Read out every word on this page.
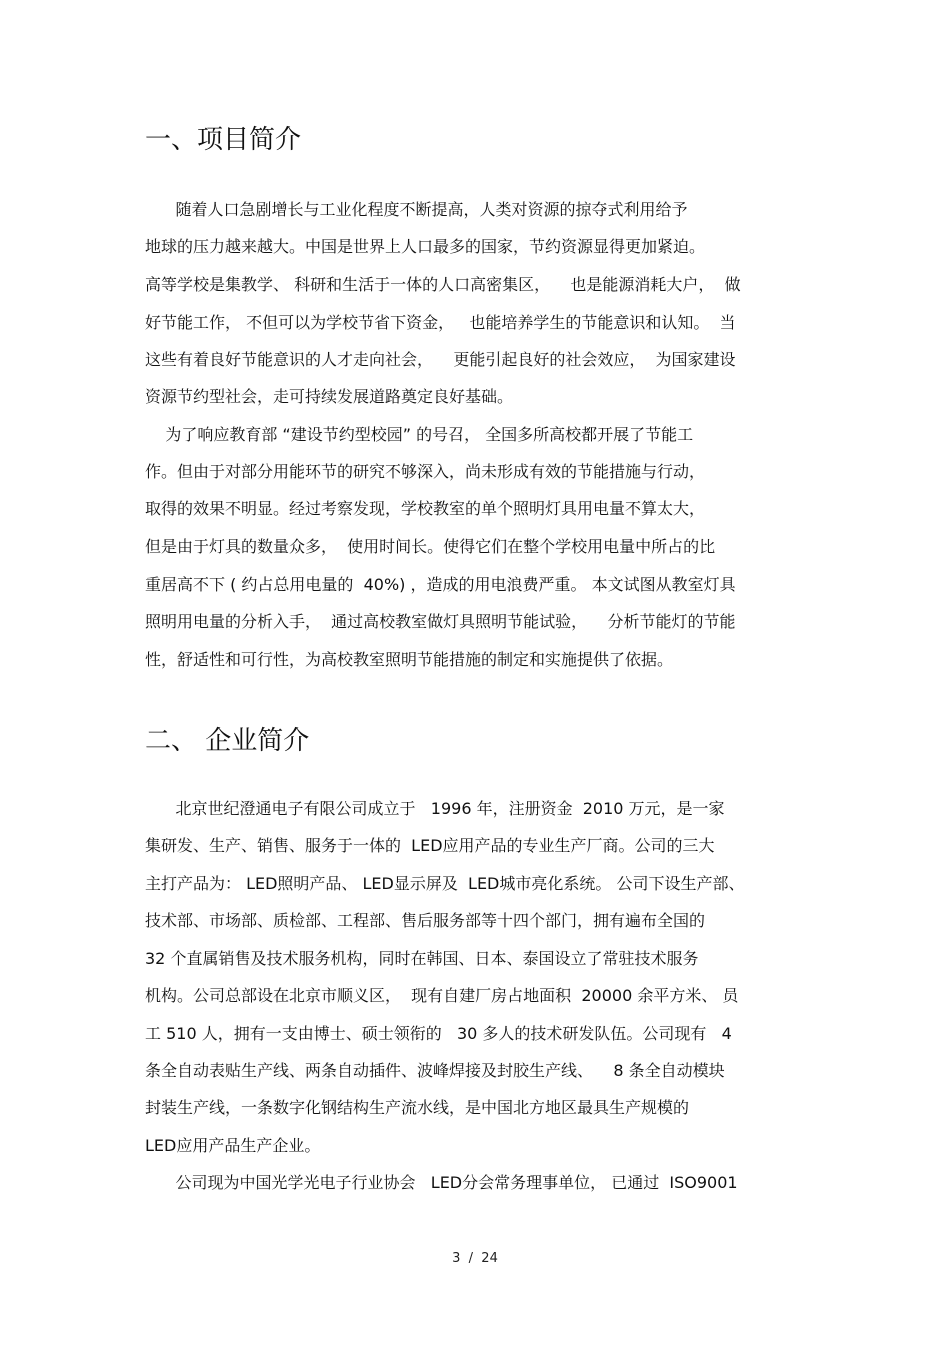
一、项目简介
随着人口急剧增长与工业化程度不断提高，人类对资源的掠夺式利用给予
地球的压力越来越大。中国是世界上人口最多的国家，节约资源显得更加紧迫。
高等学校是集教学、 科研和生活于一体的人口高密集区，    也是能源消耗大户，  做
好节能工作， 不但可以为学校节省下资金，   也能培养学生的节能意识和认知。  当
这些有着良好节能意识的人才走向社会，    更能引起良好的社会效应，  为国家建设
资源节约型社会，走可持续发展道路奠定良好基础。
为了响应教育部 “建设节约型校园” 的号召， 全国多所高校都开展了节能工
作。但由于对部分用能环节的研究不够深入，尚未形成有效的节能措施与行动，
取得的效果不明显。经过考察发现，学校教室的单个照明灯具用电量不算太大，
但是由于灯具的数量众多，  使用时间长。使得它们在整个学校用电量中所占的比
重居高不下 ( 约占总用电量的  40%) ，造成的用电浪费严重。 本文试图从教室灯具
照明用电量的分析入手，  通过高校教室做灯具照明节能试验，    分析节能灯的节能
性，舒适性和可行性，为高校教室照明节能措施的制定和实施提供了依据。
二、 企业简介
北京世纪澄通电子有限公司成立于   1996 年，注册资金  2010 万元，是一家
集研发、生产、销售、服务于一体的  LED应用产品的专业生产厂商。公司的三大
主打产品为： LED照明产品、 LED显示屏及  LED城市亮化系统。 公司下设生产部、
技术部、市场部、质检部、工程部、售后服务部等十四个部门，拥有遍布全国的
32 个直属销售及技术服务机构，同时在韩国、日本、泰国设立了常驻技术服务
机构。公司总部设在北京市顺义区，  现有自建厂房占地面积  20000 余平方米、 员
工 510 人，拥有一支由博士、硕士领衔的   30 多人的技术研发队伍。公司现有   4
条全自动表贴生产线、两条自动插件、波峰焊接及封胶生产线、    8 条全自动模块
封装生产线，一条数字化钢结构生产流水线，是中国北方地区最具生产规模的
LED应用产品生产企业。
公司现为中国光学光电子行业协会   LED分会常务理事单位， 已通过  ISO9001
3  /  24
